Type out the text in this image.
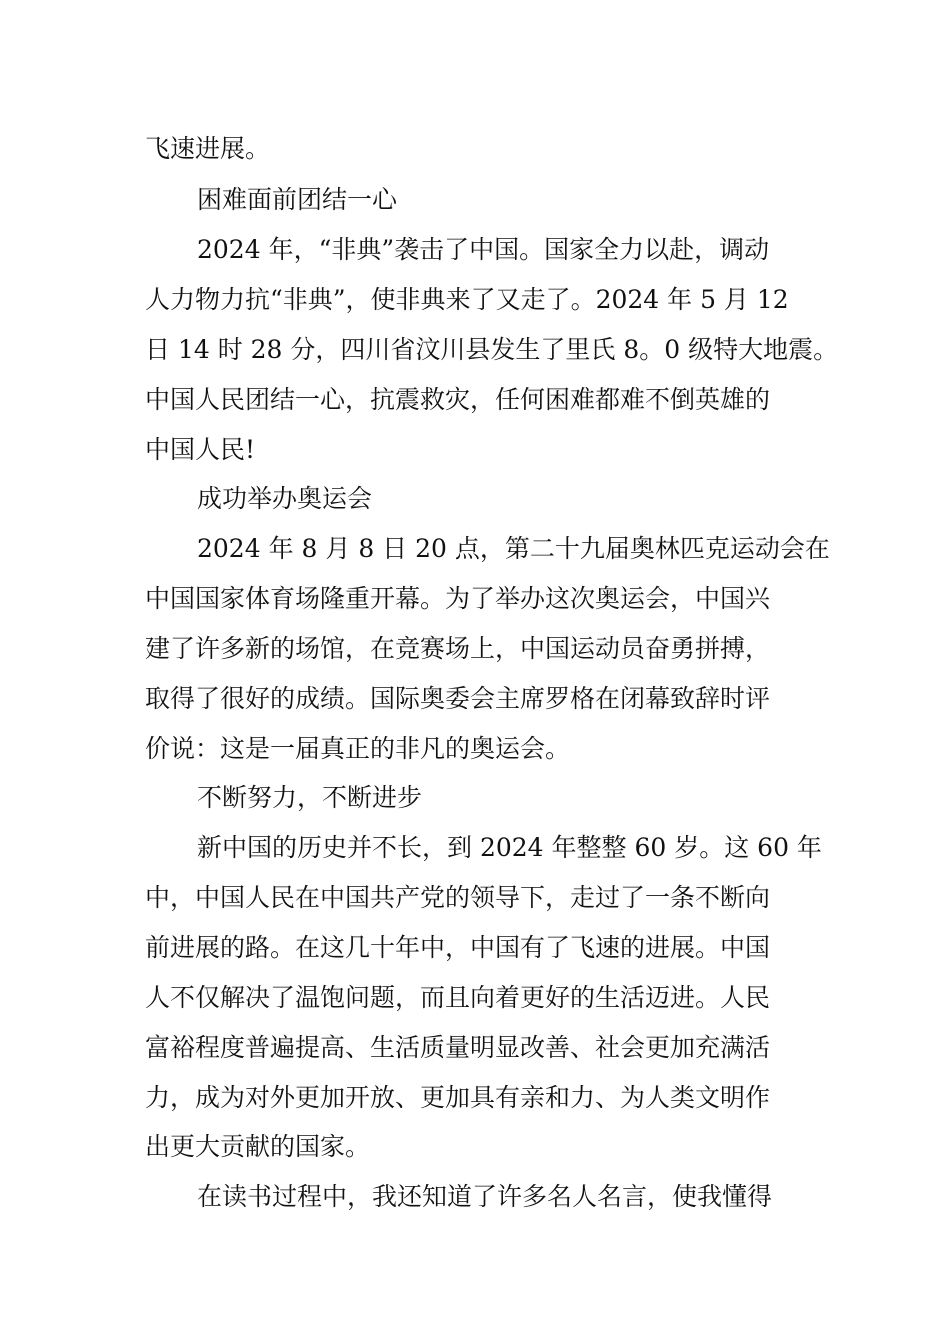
飞速进展。
困难面前团结一心
2024 年，“非典”袭击了中国。国家全力以赴，调动
人力物力抗“非典”，使非典来了又走了。2024 年 5 月 12
日 14 时 28 分，四川省汶川县发生了里氏 8。0 级特大地震。
中国人民团结一心，抗震救灾，任何困难都难不倒英雄的
中国人民!
成功举办奥运会
2024 年 8 月 8 日 20 点，第二十九届奥林匹克运动会在
中国国家体育场隆重开幕。为了举办这次奥运会，中国兴
建了许多新的场馆，在竞赛场上，中国运动员奋勇拼搏，
取得了很好的成绩。国际奥委会主席罗格在闭幕致辞时评
价说：这是一届真正的非凡的奥运会。
不断努力，不断进步
新中国的历史并不长，到 2024 年整整 60 岁。这 60 年
中，中国人民在中国共产党的领导下，走过了一条不断向
前进展的路。在这几十年中，中国有了飞速的进展。中国
人不仅解决了温饱问题，而且向着更好的生活迈进。人民
富裕程度普遍提高、生活质量明显改善、社会更加充满活
力，成为对外更加开放、更加具有亲和力、为人类文明作
出更大贡献的国家。
在读书过程中，我还知道了许多名人名言，使我懂得
